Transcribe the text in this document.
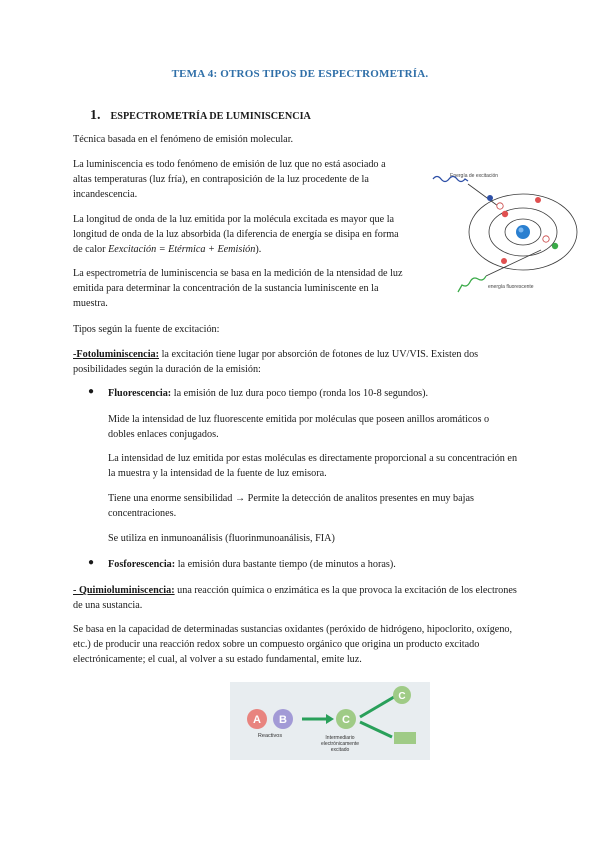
TEMA 4: OTROS TIPOS DE ESPECTROMETRÍA.
1. ESPECTROMETRÍA DE LUMINISCENCIA
Técnica basada en el fenómeno de emisión molecular.
La luminiscencia es todo fenómeno de emisión de luz que no está asociado a altas temperaturas (luz fría), en contraposición de la luz procedente de la incandescencia.
La longitud de onda de la luz emitida por la molécula excitada es mayor que la longitud de onda de la luz absorbida (la diferencia de energía se disipa en forma de calor Eexcitación = Etérmica + Eemisión).
La espectrometría de luminiscencia se basa en la medición de la ntensidad de luz emitida para determinar la concentración de la sustancia luminiscente en la muestra.
Energía de excitación
energía fluorescente
Tipos según la fuente de excitación:
-Fotoluminiscencia: la excitación tiene lugar por absorción de fotones de luz UV/VIS. Existen dos posibilidades según la duración de la emisión:
● Fluorescencia: la emisión de luz dura poco tiempo (ronda los 10-8 segundos).
Mide la intensidad de luz fluorescente emitida por moléculas que poseen anillos aromáticos o dobles enlaces conjugados.
La intensidad de luz emitida por estas moléculas es directamente proporcional a su concentración en la muestra y la intensidad de la fuente de luz emisora.
Tiene una enorme sensibilidad → Permite la detección de analitos presentes en muy bajas concentraciones.
Se utiliza en inmunoanálisis (fluorinmunoanálisis, FIA)
● Fosforescencia: la emisión dura bastante tiempo (de minutos a horas).
- Quimioluminiscencia: una reacción química o enzimática es la que provoca la excitación de los electrones de una sustancia.
Se basa en la capacidad de determinadas sustancias oxidantes (peróxido de hidrógeno, hipoclorito, oxígeno, etc.) de producir una reacción redox sobre un compuesto orgánico que origina un producto excitado electrónicamente; el cual, al volver a su estado fundamental, emite luz.
A B
Reactivos
C
Intermediario electrónicamente excitado
C
